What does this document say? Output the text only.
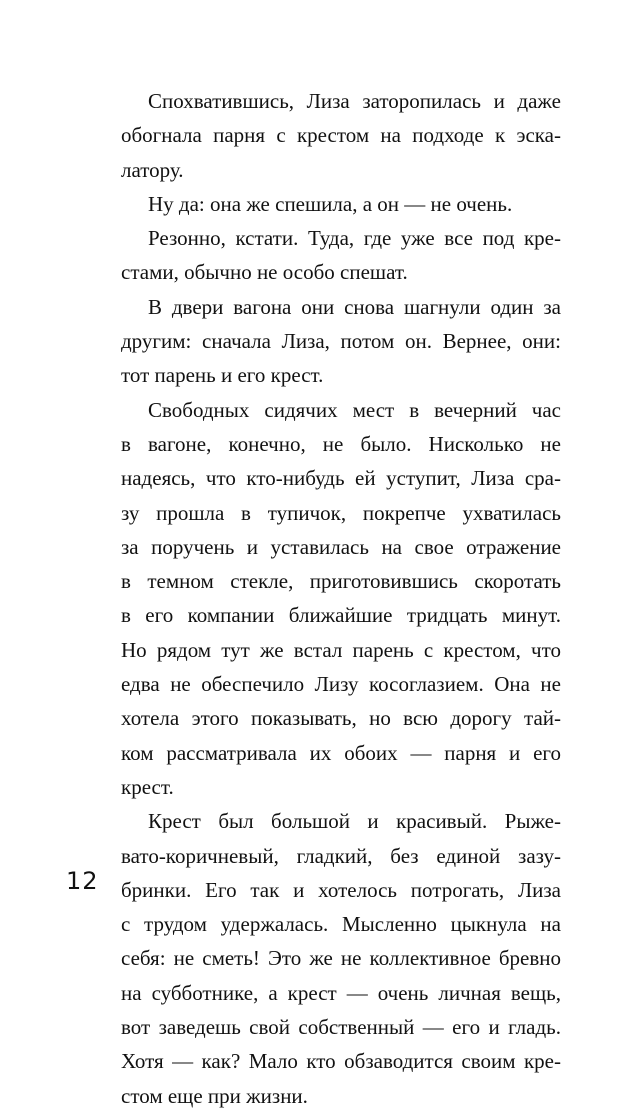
Спохватившись, Лиза заторопилась и даже
обогнала парня с крестом на подходе к эска-
латору.
Ну да: она же спешила, а он — не очень.
Резонно, кстати. Туда, где уже все под кре-
стами, обычно не особо спешат.
В двери вагона они снова шагнули один за
другим: сначала Лиза, потом он. Вернее, они:
тот парень и его крест.
Свободных сидячих мест в вечерний час
в вагоне, конечно, не было. Нисколько не
надеясь, что кто-нибудь ей уступит, Лиза сра-
зу прошла в тупичок, покрепче ухватилась
за поручень и уставилась на свое отражение
в темном стекле, приготовившись скоротать
в его компании ближайшие тридцать минут.
Но рядом тут же встал парень с крестом, что
едва не обеспечило Лизу косоглазием. Она не
хотела этого показывать, но всю дорогу тай-
ком рассматривала их обоих — парня и его
крест.
Крест был большой и красивый. Рыже-
вато-коричневый, гладкий, без единой зазу-
бринки. Его так и хотелось потрогать, Лиза
с трудом удержалась. Мысленно цыкнула на
себя: не сметь! Это же не коллективное бревно
на субботнике, а крест — очень личная вещь,
вот заведешь свой собственный — его и гладь.
Хотя — как? Мало кто обзаводится своим кре-
стом еще при жизни.
12
